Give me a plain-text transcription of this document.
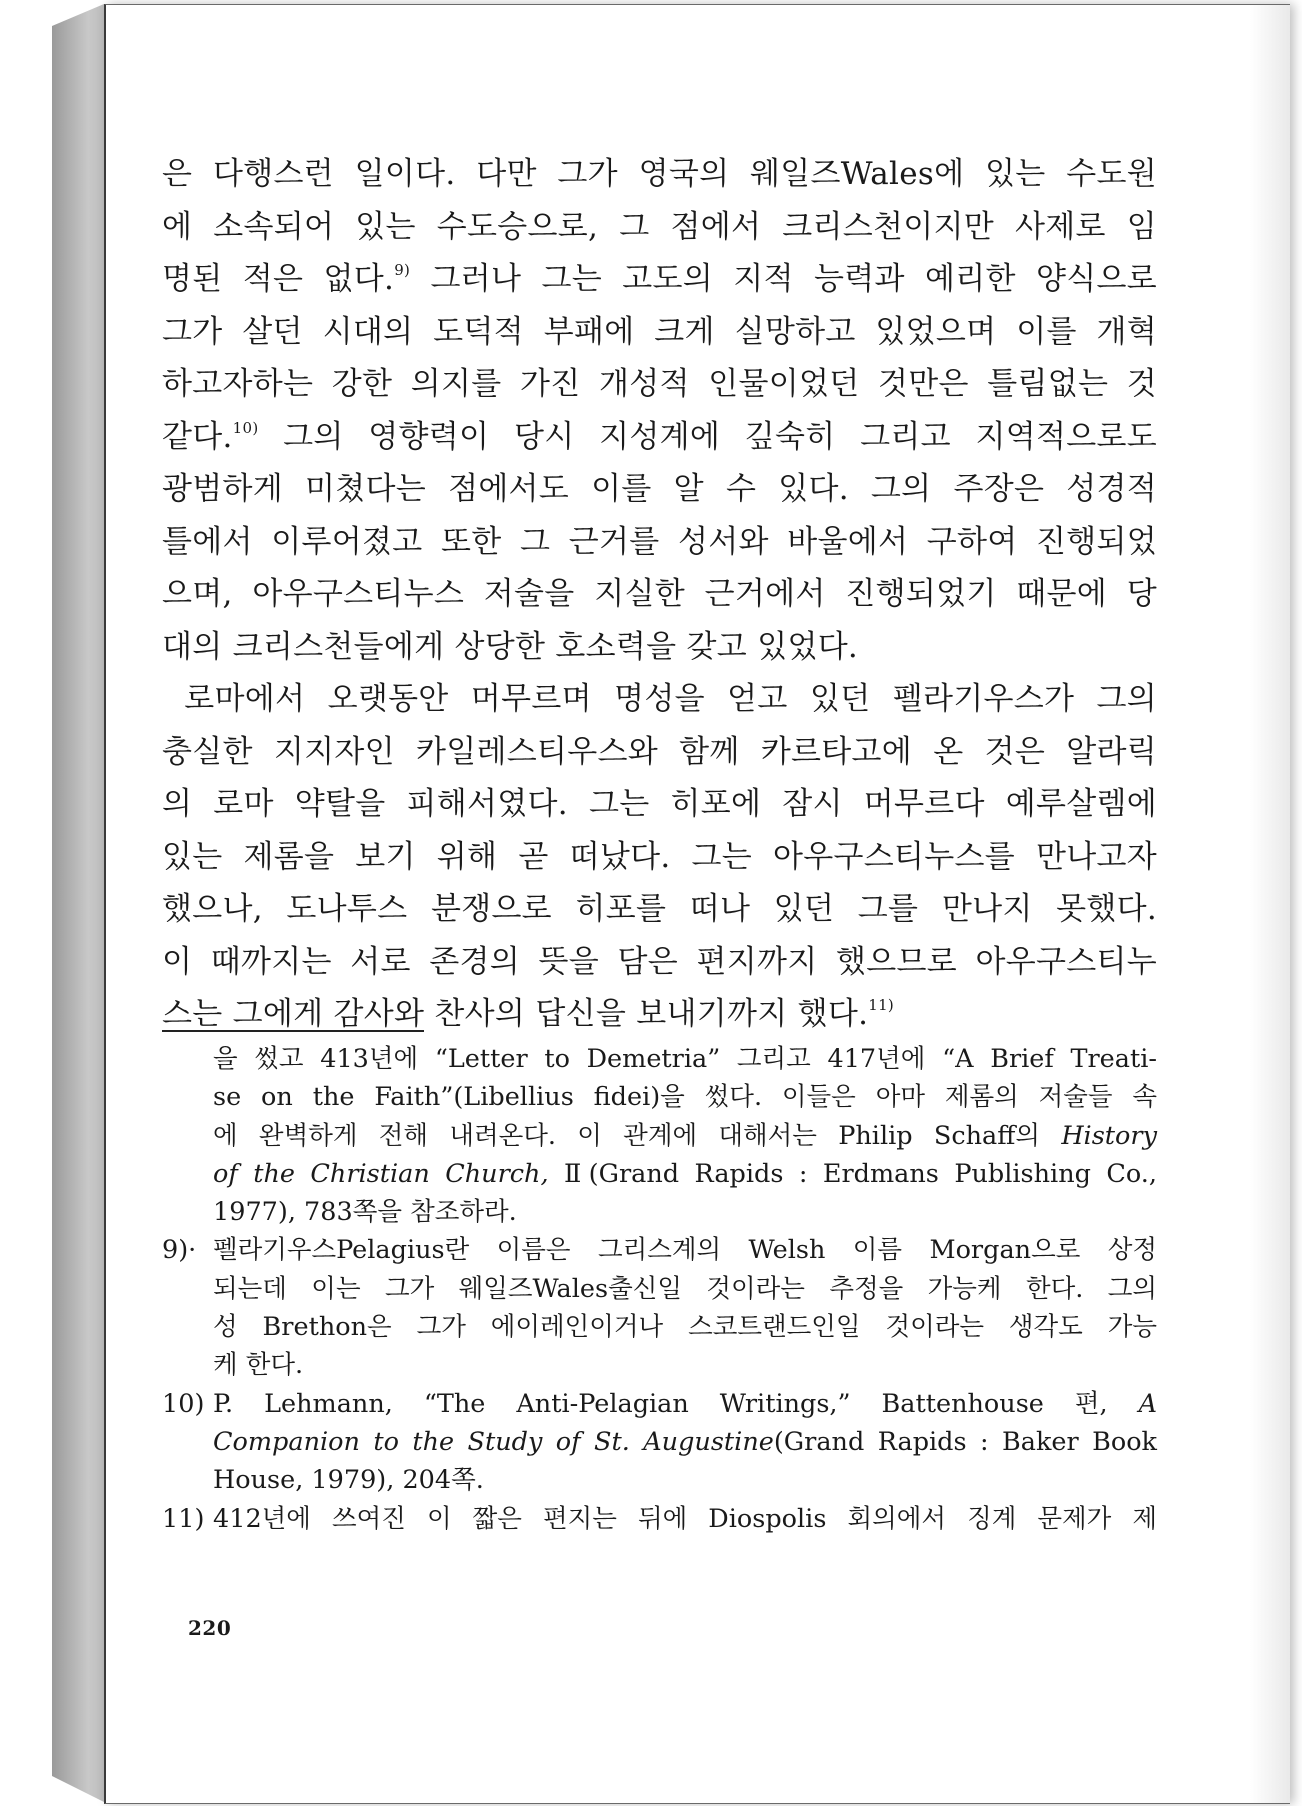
은 다행스런 일이다. 다만 그가 영국의 웨일즈Wales에 있는 수도원
에 소속되어 있는 수도승으로, 그 점에서 크리스천이지만 사제로 임
명된 적은 없다.$^{9)}$ 그러나 그는 고도의 지적 능력과 예리한 양식으로
그가 살던 시대의 도덕적 부패에 크게 실망하고 있었으며 이를 개혁
하고자하는 강한 의지를 가진 개성적 인물이었던 것만은 틀림없는 것
같다.$^{10)}$ 그의 영향력이 당시 지성계에 깊숙히 그리고 지역적으로도
광범하게 미쳤다는 점에서도 이를 알 수 있다. 그의 주장은 성경적
틀에서 이루어졌고 또한 그 근거를 성서와 바울에서 구하여 진행되었
으며, 아우구스티누스 저술을 지실한 근거에서 진행되었기 때문에 당
대의 크리스천들에게 상당한 호소력을 갖고 있었다.
로마에서 오랫동안 머무르며 명성을 얻고 있던 펠라기우스가 그의
충실한 지지자인 카일레스티우스와 함께 카르타고에 온 것은 알라릭
의 로마 약탈을 피해서였다. 그는 히포에 잠시 머무르다 예루살렘에
있는 제롬을 보기 위해 곧 떠났다. 그는 아우구스티누스를 만나고자
했으나, 도나투스 분쟁으로 히포를 떠나 있던 그를 만나지 못했다.
이 때까지는 서로 존경의 뜻을 담은 편지까지 했으므로 아우구스티누
스는 그에게 감사와 찬사의 답신을 보내기까지 했다.$^{11)}$
을 썼고 413년에 “Letter to Demetria” 그리고 417년에 “A Brief Treati-
se on the Faith”(Libellius fidei)을 썼다. 이들은 아마 제롬의 저술들 속
에 완벽하게 전해 내려온다. 이 관계에 대해서는 Philip Schaff의 History
of the Christian Church, Ⅱ(Grand Rapids : Erdmans Publishing Co.,
1977), 783쪽을 참조하라.
9)· 펠라기우스Pelagius란 이름은 그리스계의 Welsh 이름 Morgan으로 상정
되는데 이는 그가 웨일즈Wales출신일 것이라는 추정을 가능케 한다. 그의
성 Brethon은 그가 에이레인이거나 스코트랜드인일 것이라는 생각도 가능
케 한다.
10) P. Lehmann, “The Anti-Pelagian Writings,” Battenhouse 편, A
Companion to the Study of St. Augustine(Grand Rapids : Baker Book
House, 1979), 204쪽.
11) 412년에 쓰여진 이 짧은 편지는 뒤에 Diospolis 회의에서 징계 문제가 제
220
